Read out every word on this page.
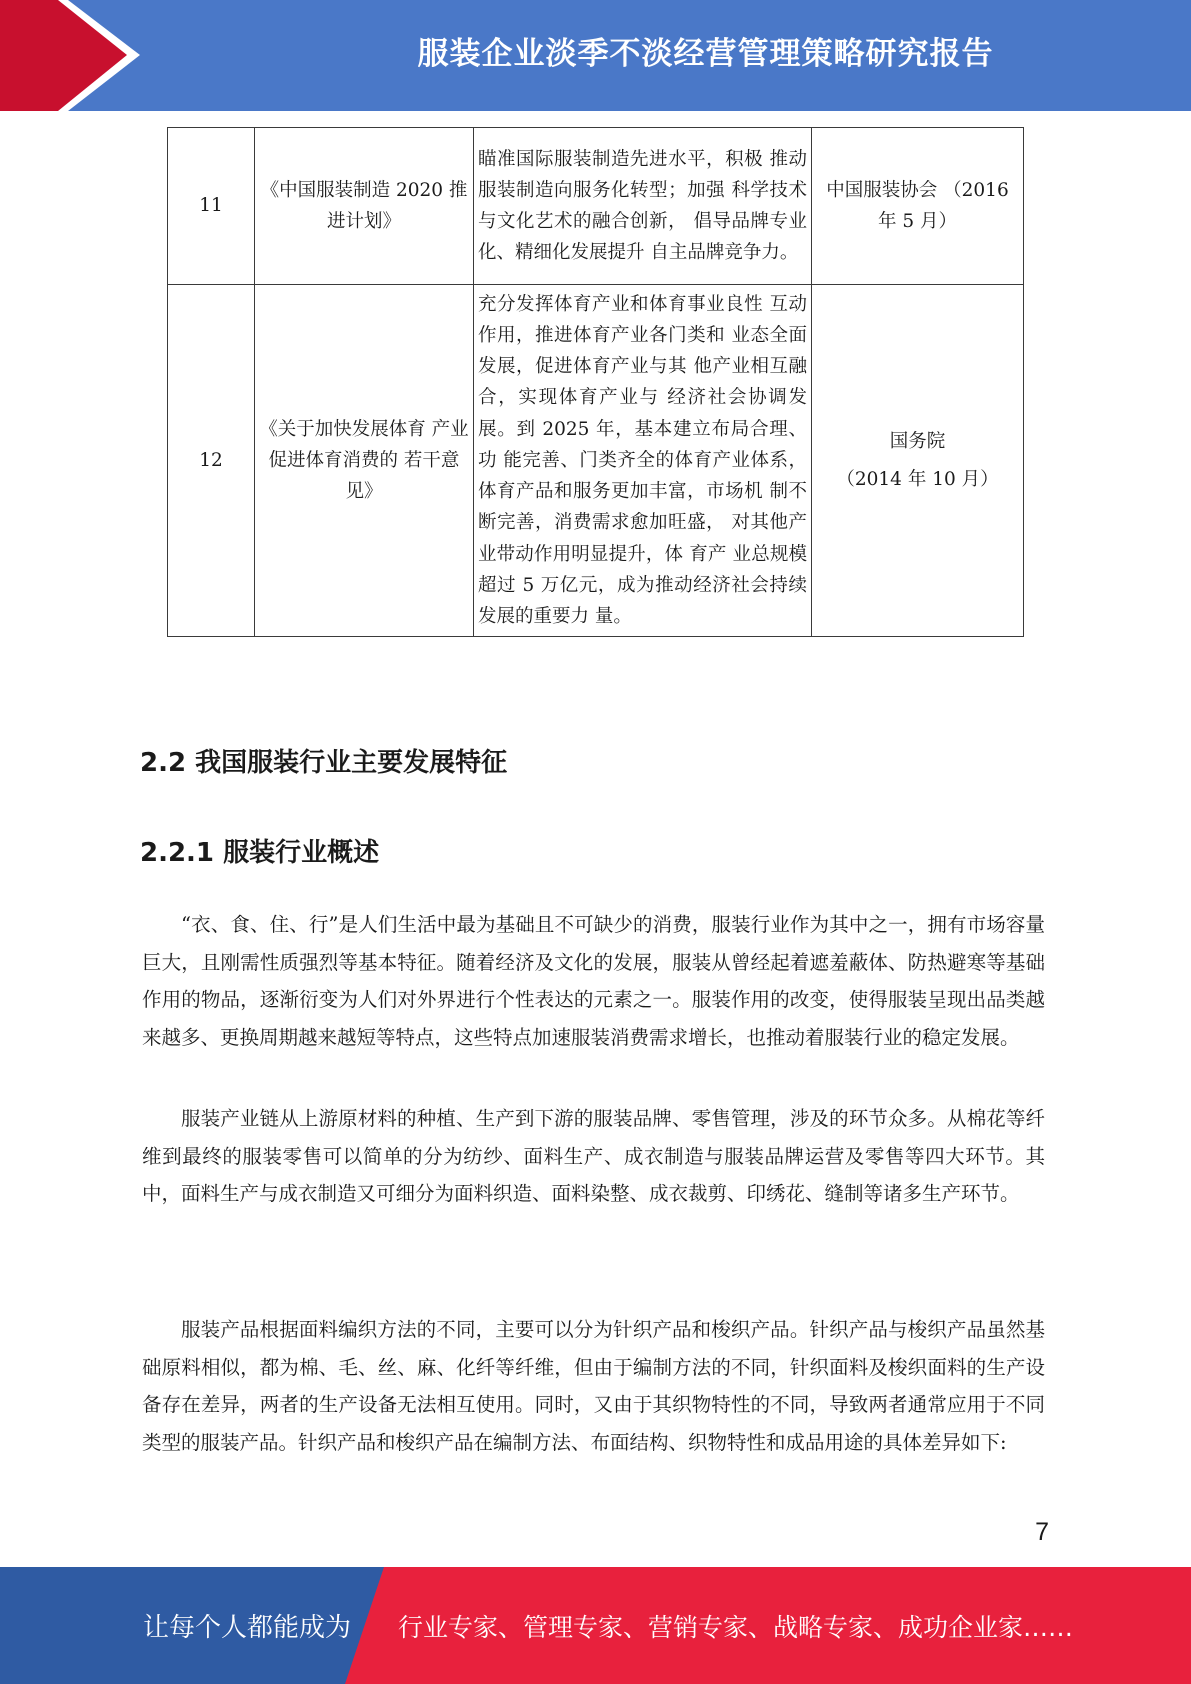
服装企业淡季不淡经营管理策略研究报告
11	《中国服装制造 2020 推进计划》	瞄准国际服装制造先进水平，积极 推动服装制造向服务化转型；加强 科学技术与文化艺术的融合创新， 倡导品牌专业化、精细化发展提升 自主品牌竞争力。	中国服装协会 （2016
年 5 月）

12	《关于加快发展体育 产业促进体育消费的 若干意见》	充分发挥体育产业和体育事业良性 互动作用，推进体育产业各门类和 业态全面发展，促进体育产业与其 他产业相互融合，实现体育产业与 经济社会协调发展。到 2025 年，基本建立布局合理、功 能完善、门类齐全的体育产业体系， 体育产品和服务更加丰富，市场机 制不断完善，消费需求愈加旺盛， 对其他产业带动作用明显提升，体 育产 业总规模超过 5 万亿元，成为推动经济社会持续发展的重要力 量。	国务院
（2014 年 10 月）
2.2 我国服装行业主要发展特征
2.2.1 服装行业概述

“衣、食、住、行”是人们生活中最为基础且不可缺少的消费，服装行业作为其中之一，拥有市场容量巨大，且刚需性质强烈等基本特征。随着经济及文化的发展，服装从曾经起着遮羞蔽体、防热避寒等基础作用的物品，逐渐衍变为人们对外界进行个性表达的元素之一。服装作用的改变，使得服装呈现出品类越来越多、更换周期越来越短等特点，这些特点加速服装消费需求增长，也推动着服装行业的稳定发展。

服装产业链从上游原材料的种植、生产到下游的服装品牌、零售管理，涉及的环节众多。从棉花等纤维到最终的服装零售可以简单的分为纺纱、面料生产、成衣制造与服装品牌运营及零售等四大环节。其中，面料生产与成衣制造又可细分为面料织造、面料染整、成衣裁剪、印绣花、缝制等诸多生产环节。

服装产品根据面料编织方法的不同，主要可以分为针织产品和梭织产品。针织产品与梭织产品虽然基础原料相似，都为棉、毛、丝、麻、化纤等纤维，但由于编制方法的不同，针织面料及梭织面料的生产设备存在差异，两者的生产设备无法相互使用。同时，又由于其织物特性的不同，导致两者通常应用于不同类型的服装产品。针织产品和梭织产品在编制方法、布面结构、织物特性和成品用途的具体差异如下:

7
让每个人都能成为 行业专家、管理专家、营销专家、战略专家、成功企业家……
